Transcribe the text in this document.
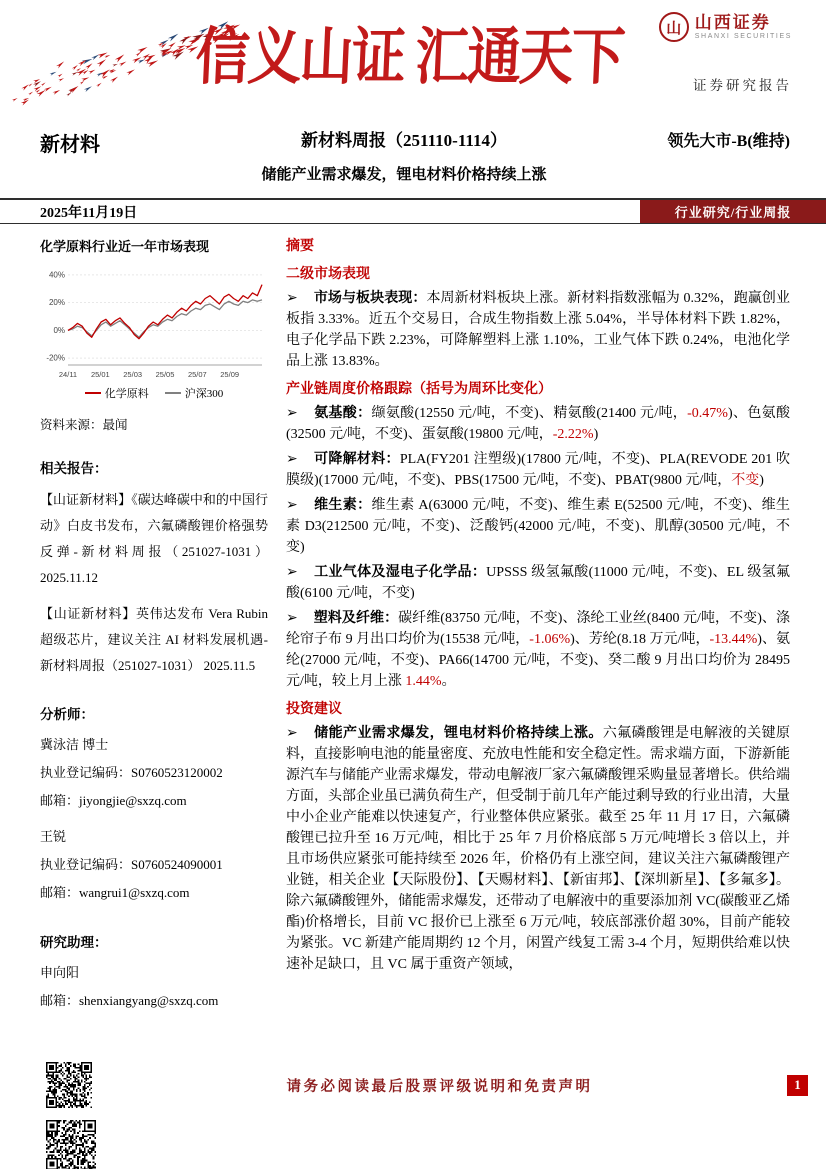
信义山证 汇通天下	山 山西证券
SHANXI SECURITIES
证券研究报告
新材料	新材料周报（251110-1114）
储能产业需求爆发，锂电材料价格持续上涨
领先大市-B(维持)
2025年11月19日	行业研究/行业周报
化学原料行业近一年市场表现
40%
20%
0%
-20%
24/11 25/01 25/03 25/05 25/07 25/09
化学原料	沪深300
资料来源：最闻
相关报告：

【山证新材料】《碳达峰碳中和的中国行动》白皮书发布，六氟磷酸锂价格强势反弹-新材料周报（251027-1031）2025.11.12

【山证新材料】英伟达发布 Vera Rubin 超级芯片，建议关注 AI 材料发展机遇-新材料周报（251027-1031） 2025.11.5

分析师：
冀泳洁 博士
执业登记编码：S0760523120002
邮箱：jiyongjie@sxzq.com
王锐
执业登记编码：S0760524090001
邮箱：wangrui1@sxzq.com
研究助理：
申向阳
邮箱：shenxiangyang@sxzq.com
摘要
二级市场表现

➢ 市场与板块表现：本周新材料板块上涨。新材料指数涨幅为 0.32%，跑赢创业板指 3.33%。近五个交易日，合成生物指数上涨 5.04%，半导体材料下跌 1.82%，电子化学品下跌 2.23%，可降解塑料上涨 1.10%，工业气体下跌 0.24%，电池化学品上涨 13.83%。

产业链周度价格跟踪（括号为周环比变化）

➢ 氨基酸：缬氨酸(12550 元/吨，不变)、精氨酸(21400 元/吨，-0.47%)、色氨酸(32500 元/吨，不变)、蛋氨酸(19800 元/吨，-2.22%)

➢ 可降解材料：PLA(FY201 注塑级)(17800 元/吨，不变)、PLA(REVODE 201 吹膜级)(17000 元/吨，不变)、PBS(17500 元/吨，不变)、PBAT(9800 元/吨，不变)

➢ 维生素：维生素 A(63000 元/吨，不变)、维生素 E(52500 元/吨，不变)、维生素 D3(212500 元/吨，不变)、泛酸钙(42000 元/吨，不变)、肌醇(30500 元/吨，不变)

➢ 工业气体及湿电子化学品：UPSSS 级氢氟酸(11000 元/吨，不变)、EL 级氢氟酸(6100 元/吨，不变)

➢ 塑料及纤维：碳纤维(83750 元/吨，不变)、涤纶工业丝(8400 元/吨，不变)、涤纶帘子布 9 月出口均价为(15538 元/吨，-1.06%)、芳纶(8.18 万元/吨，-13.44%)、氨纶(27000 元/吨，不变)、PA66(14700 元/吨，不变)、癸二酸 9 月出口均价为 28495 元/吨，较上月上涨 1.44%。

投资建议

➢ 储能产业需求爆发，锂电材料价格持续上涨。六氟磷酸锂是电解液的关键原料，直接影响电池的能量密度、充放电性能和安全稳定性。需求端方面，下游新能源汽车与储能产业需求爆发，带动电解液厂家六氟磷酸锂采购量显著增长。供给端方面，头部企业虽已满负荷生产，但受制于前几年产能过剩导致的行业出清，大量中小企业产能难以快速复产，行业整体供应紧张。截至 25 年 11 月 17 日，六氟磷酸锂已拉升至 16 万元/吨，相比于 25 年 7 月价格底部 5 万元/吨增长 3 倍以上，并且市场供应紧张可能持续至 2026 年，价格仍有上涨空间，建议关注六氟磷酸锂产业链，相关企业【天际股份】、【天赐材料】、【新宙邦】、【深圳新星】、【多氟多】。除六氟磷酸锂外，储能需求爆发，还带动了电解液中的重要添加剂 VC(碳酸亚乙烯酯)价格增长，目前 VC 报价已上涨至 6 万元/吨，较底部涨价超 30%，目前产能较为紧张。VC 新建产能周期约 12 个月，闲置产线复工需 3-4 个月，短期供给难以快速补足缺口，且 VC 属于重资产领域，

请务必阅读最后股票评级说明和免责声明	1
